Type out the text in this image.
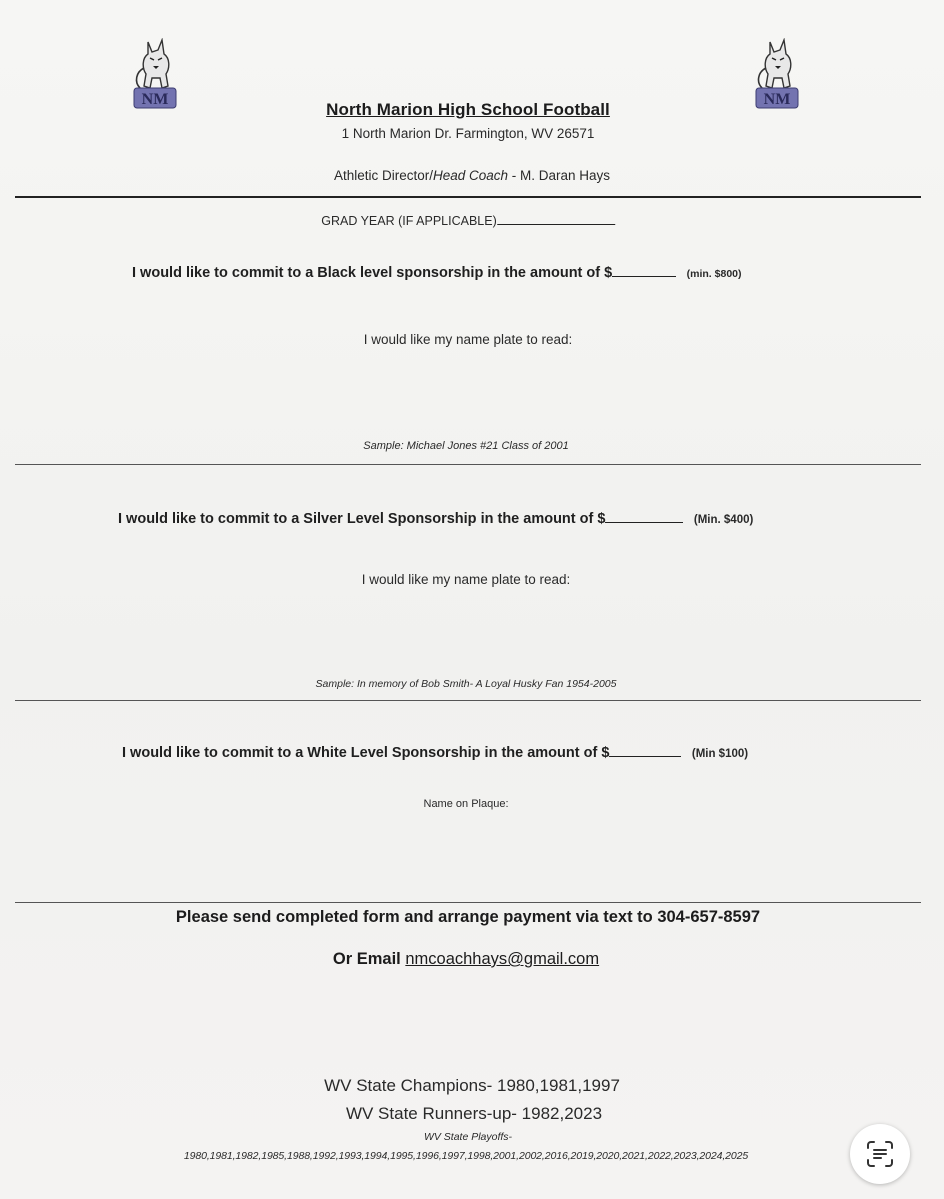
NM	NM
North Marion High School Football
1 North Marion Dr. Farmington, WV 26571
Athletic Director/Head Coach - M. Daran Hays
GRAD YEAR (IF APPLICABLE)
I would like to commit to a Black level sponsorship in the amount of $	(min. $800)
I would like my name plate to read:
Sample: Michael Jones #21 Class of 2001
I would like to commit to a Silver Level Sponsorship in the amount of $	(Min. $400)
I would like my name plate to read:
Sample: In memory of Bob Smith- A Loyal Husky Fan 1954-2005
I would like to commit to a White Level Sponsorship in the amount of $	(Min $100)
Name on Plaque:
Please send completed form and arrange payment via text to 304-657-8597
Or Email nmcoachhays@gmail.com
WV State Champions- 1980,1981,1997
WV State Runners-up- 1982,2023
WV State Playoffs-
1980,1981,1982,1985,1988,1992,1993,1994,1995,1996,1997,1998,2001,2002,2016,2019,2020,2021,2022,2023,2024,2025
